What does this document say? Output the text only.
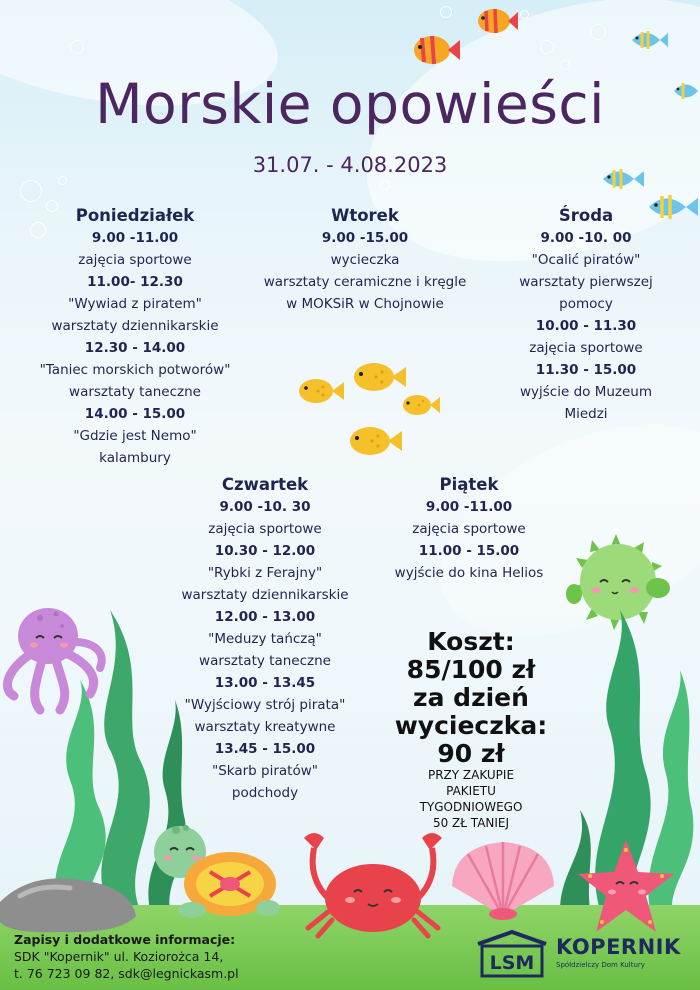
Morskie opowieści
31.07. - 4.08.2023
Poniedziałek
9.00 -11.00
zajęcia sportowe
11.00- 12.30
"Wywiad z piratem"
warsztaty dziennikarskie
12.30 - 14.00
"Taniec morskich potworów"
warsztaty taneczne
14.00 - 15.00
"Gdzie jest Nemo"
kalambury
Wtorek
9.00 -15.00
wycieczka
warsztaty ceramiczne i kręgle
w MOKSiR w Chojnowie
Środa
9.00 -10. 00
"Ocalić piratów"
warsztaty pierwszej
pomocy
10.00 - 11.30
zajęcia sportowe
11.30 - 15.00
wyjście do Muzeum
Miedzi
Czwartek
9.00 -10. 30
zajęcia sportowe
10.30 - 12.00
"Rybki z Ferajny"
warsztaty dziennikarskie
12.00 - 13.00
"Meduzy tańczą"
warsztaty taneczne
13.00 - 13.45
"Wyjściowy strój pirata"
warsztaty kreatywne
13.45 - 15.00
"Skarb piratów"
podchody
Piątek
9.00 -11.00
zajęcia sportowe
11.00 - 15.00
wyjście do kina Helios
Koszt:
85/100 zł
za dzień
wycieczka:
90 zł
PRZY ZAKUPIE
PAKIETU
TYGODNIOWEGO
50 ZŁ TANIEJ
Zapisy i dodatkowe informacje:
SDK "Kopernik" ul. Koziorożca 14,
t. 76 723 09 82, sdk@legnickasm.pl	LSM
KOPERNIK
Spółdzielczy Dom Kultury
